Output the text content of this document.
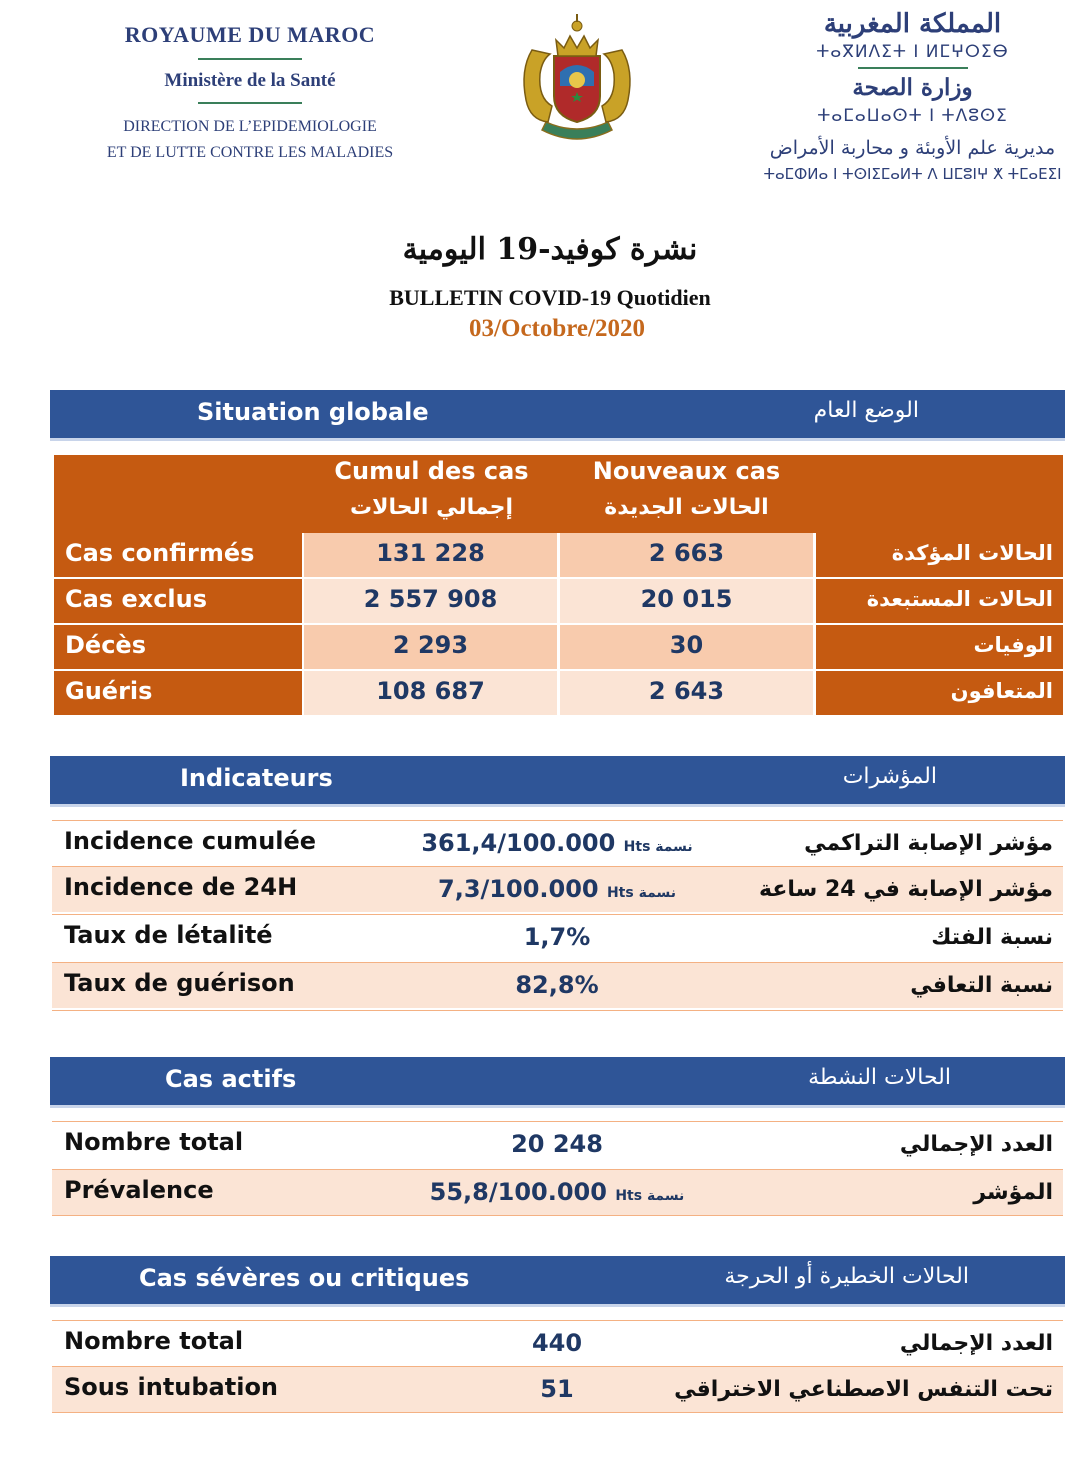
ROYAUME DU MAROC
Ministère de la Santé
DIRECTION DE L’EPIDEMIOLOGIE
ET DE LUTTE CONTRE LES MALADIES
المملكة المغربية
ⵜⴰⴳⵍⴷⵉⵜ ⵏ ⵍⵎⵖⵔⵉⴱ
وزارة الصحة
ⵜⴰⵎⴰⵡⴰⵙⵜ ⵏ ⵜⴷⵓⵙⵉ
مديرية علم الأوبئة و محاربة الأمراض
ⵜⴰⵎⵀⵍⴰ ⵏ ⵜⵙⵏⵉⵎⴰⵍⵜ ⴷ ⵡⵎⵓⵏⵖ ⵅ ⵜⵎⴰⴹⵉⵏ
نشرة كوفيد-19 اليومية
BULLETIN COVID-19 Quotidien
03/Octobre/2020
Situation globale	الوضع العام
Cumul des cas
إجمالي الحالات
Nouveaux cas
الحالات الجديدة
Cas confirmés	131 228	2 663	الحالات المؤكدة
Cas exclus	2 557 908	20 015	الحالات المستبعدة
Décès	2 293	30	الوفيات
Guéris	108 687	2 643	المتعافون
Indicateurs	المؤشرات
Incidence cumulée	361,4/100.000 Hts نسمة	مؤشر الإصابة التراكمي
Incidence de 24H	7,3/100.000 Hts نسمة	مؤشر الإصابة في 24 ساعة
Taux de létalité	1,7%	نسبة الفتك
Taux de guérison	82,8%	نسبة التعافي
Cas actifs	الحالات النشطة
Nombre total	20 248	العدد الإجمالي
Prévalence	55,8/100.000 Hts نسمة	المؤشر
Cas sévères ou critiques	الحالات الخطيرة أو الحرجة
Nombre total	440	العدد الإجمالي
Sous intubation	51	تحت التنفس الاصطناعي الاختراقي
